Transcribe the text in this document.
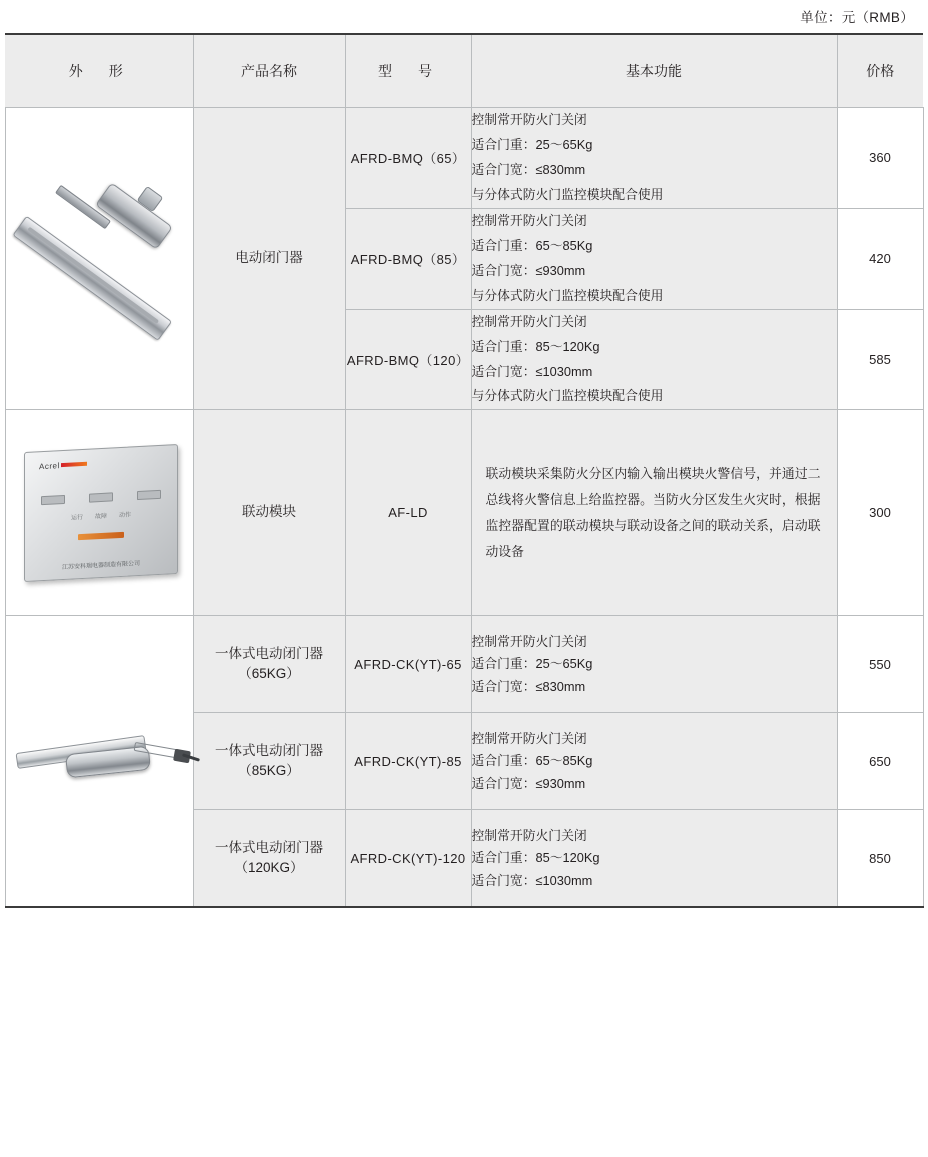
单位：元（RMB）
外　形	产品名称	型　号	基本功能	价格

	电动闭门器	AFRD-BMQ（65）	控制常开防火门关闭
适合门重：25～65Kg
适合门宽：≤830mm
与分体式防火门监控模块配合使用	360
		AFRD-BMQ（85）	控制常开防火门关闭
适合门重：65～85Kg
适合门宽：≤930mm
与分体式防火门监控模块配合使用	420
		AFRD-BMQ（120）	控制常开防火门关闭
适合门重：85～120Kg
适合门宽：≤1030mm
与分体式防火门监控模块配合使用	585

Acrel
运行　　故障　　动作
江苏安科瑞电器制造有限公司	联动模块	AF-LD	联动模块采集防火分区内输入输出模块火警信号，并通过二总线将火警信息上给监控器。当防火分区发生火灾时，根据监控器配置的联动模块与联动设备之间的联动关系，启动联动设备	300

	一体式电动闭门器
（65KG）	AFRD-CK(YT)-65	控制常开防火门关闭
适合门重：25～65Kg
适合门宽：≤830mm	550

	一体式电动闭门器
（85KG）	AFRD-CK(YT)-85	控制常开防火门关闭
适合门重：65～85Kg
适合门宽：≤930mm	650

	一体式电动闭门器
（120KG）	AFRD-CK(YT)-120	控制常开防火门关闭
适合门重：85～120Kg
适合门宽：≤1030mm	850
